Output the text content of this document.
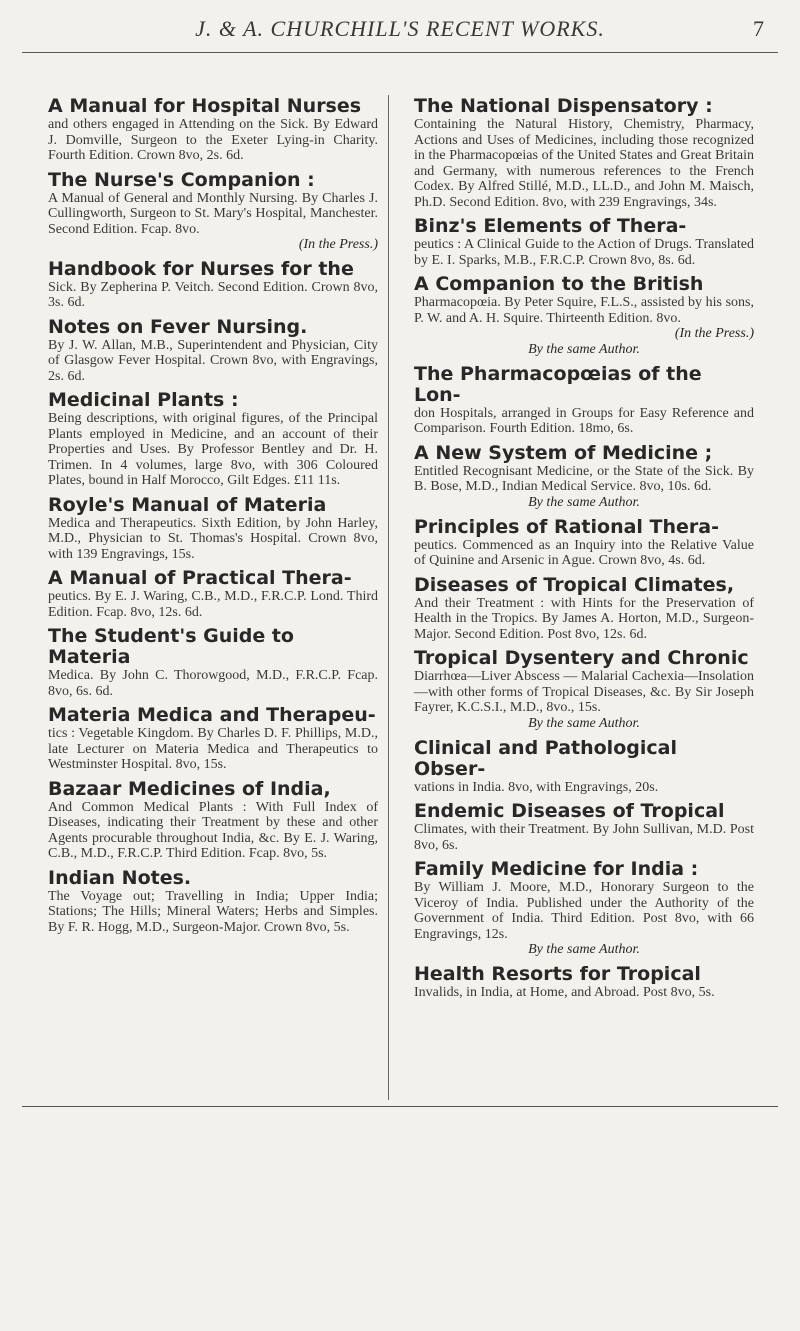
J. & A. CHURCHILL'S RECENT WORKS.	7
A Manual for Hospital Nurses
and others engaged in Attending on the Sick. By Edward J. Domville, Surgeon to the Exeter Lying-in Charity. Fourth Edition. Crown 8vo, 2s. 6d.
The Nurse's Companion :
A Manual of General and Monthly Nursing. By Charles J. Cullingworth, Surgeon to St. Mary's Hospital, Manchester. Second Edition. Fcap. 8vo.
(In the Press.)
Handbook for Nurses for the
Sick. By Zepherina P. Veitch. Second Edition. Crown 8vo, 3s. 6d.
Notes on Fever Nursing.
By J. W. Allan, M.B., Superintendent and Physician, City of Glasgow Fever Hospital. Crown 8vo, with Engravings, 2s. 6d.
Medicinal Plants :
Being descriptions, with original figures, of the Principal Plants employed in Medicine, and an account of their Properties and Uses. By Professor Bentley and Dr. H. Trimen. In 4 volumes, large 8vo, with 306 Coloured Plates, bound in Half Morocco, Gilt Edges. £11 11s.
Royle's Manual of Materia
Medica and Therapeutics. Sixth Edition, by John Harley, M.D., Physician to St. Thomas's Hospital. Crown 8vo, with 139 Engravings, 15s.
A Manual of Practical Thera-
peutics. By E. J. Waring, C.B., M.D., F.R.C.P. Lond. Third Edition. Fcap. 8vo, 12s. 6d.
The Student's Guide to Materia
Medica. By John C. Thorowgood, M.D., F.R.C.P. Fcap. 8vo, 6s. 6d.
Materia Medica and Therapeu-
tics : Vegetable Kingdom. By Charles D. F. Phillips, M.D., late Lecturer on Materia Medica and Therapeutics to Westminster Hospital. 8vo, 15s.
Bazaar Medicines of India,
And Common Medical Plants : With Full Index of Diseases, indicating their Treatment by these and other Agents procurable throughout India, &c. By E. J. Waring, C.B., M.D., F.R.C.P. Third Edition. Fcap. 8vo, 5s.
Indian Notes.
The Voyage out; Travelling in India; Upper India; Stations; The Hills; Mineral Waters; Herbs and Simples. By F. R. Hogg, M.D., Surgeon-Major. Crown 8vo, 5s.
The National Dispensatory :
Containing the Natural History, Chemistry, Pharmacy, Actions and Uses of Medicines, including those recognized in the Pharmacopœias of the United States and Great Britain and Germany, with numerous references to the French Codex. By Alfred Stillé, M.D., LL.D., and John M. Maisch, Ph.D. Second Edition. 8vo, with 239 Engravings, 34s.
Binz's Elements of Thera-
peutics : A Clinical Guide to the Action of Drugs. Translated by E. I. Sparks, M.B., F.R.C.P. Crown 8vo, 8s. 6d.
A Companion to the British
Pharmacopœia. By Peter Squire, F.L.S., assisted by his sons, P. W. and A. H. Squire. Thirteenth Edition. 8vo.
(In the Press.)
By the same Author.
The Pharmacopœias of the Lon-
don Hospitals, arranged in Groups for Easy Reference and Comparison. Fourth Edition. 18mo, 6s.
A New System of Medicine ;
Entitled Recognisant Medicine, or the State of the Sick. By B. Bose, M.D., Indian Medical Service. 8vo, 10s. 6d.
By the same Author.
Principles of Rational Thera-
peutics. Commenced as an Inquiry into the Relative Value of Quinine and Arsenic in Ague. Crown 8vo, 4s. 6d.
Diseases of Tropical Climates,
And their Treatment : with Hints for the Preservation of Health in the Tropics. By James A. Horton, M.D., Surgeon-Major. Second Edition. Post 8vo, 12s. 6d.
Tropical Dysentery and Chronic
Diarrhœa—Liver Abscess — Malarial Cachexia—Insolation—with other forms of Tropical Diseases, &c. By Sir Joseph Fayrer, K.C.S.I., M.D., 8vo., 15s.
By the same Author.
Clinical and Pathological Obser-
vations in India. 8vo, with Engravings, 20s.
Endemic Diseases of Tropical
Climates, with their Treatment. By John Sullivan, M.D. Post 8vo, 6s.
Family Medicine for India :
By William J. Moore, M.D., Honorary Surgeon to the Viceroy of India. Published under the Authority of the Government of India. Third Edition. Post 8vo, with 66 Engravings, 12s.
By the same Author.
Health Resorts for Tropical
Invalids, in India, at Home, and Abroad. Post 8vo, 5s.
